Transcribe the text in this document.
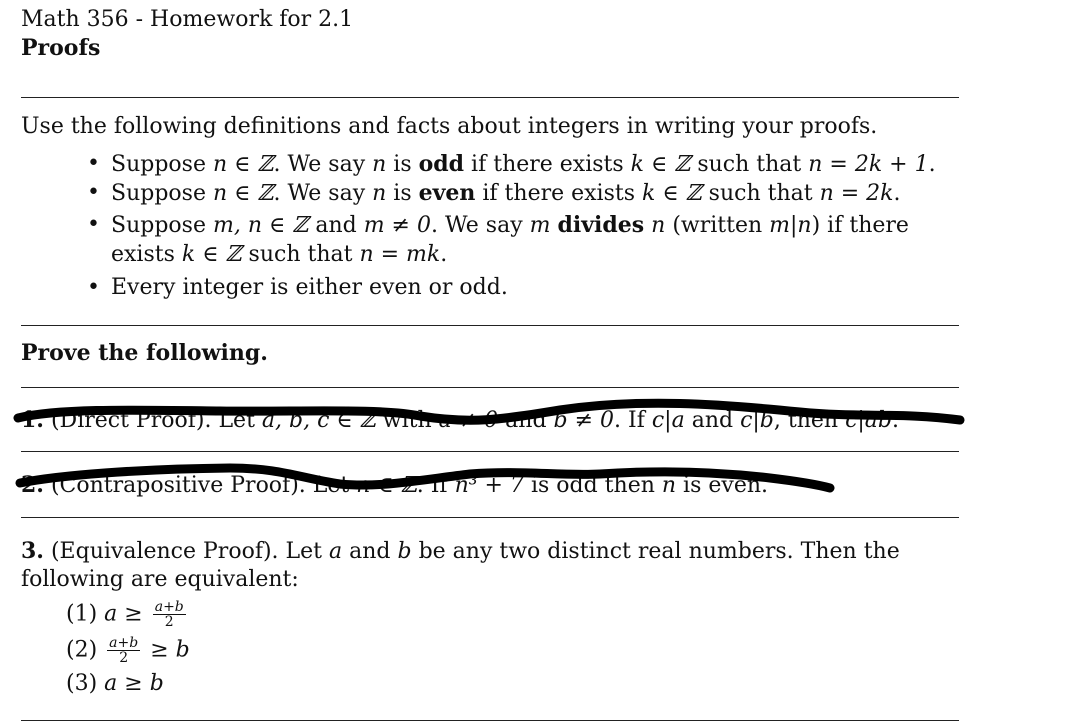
Math 356 - Homework for 2.1
Proofs
Use the following definitions and facts about integers in writing your proofs.
• Suppose n ∈ ℤ. We say n is odd if there exists k ∈ ℤ such that n = 2k + 1.
• Suppose n ∈ ℤ. We say n is even if there exists k ∈ ℤ such that n = 2k.
• Suppose m, n ∈ ℤ and m ≠ 0. We say m divides n (written m|n) if there
exists k ∈ ℤ such that n = mk.
• Every integer is either even or odd.
Prove the following.
1. (Direct Proof). Let a, b, c ∈ ℤ with a ≠ 0 and b ≠ 0. If c|a and c|b, then c|ab.
2. (Contrapositive Proof). Let n ∈ ℤ. If n³ + 7 is odd then n is even.
3. (Equivalence Proof). Let a and b be any two distinct real numbers. Then the
following are equivalent:
(1) $a \ge \frac{a+b}{2}$
$(2) \frac{a+b}{2} \ge b$
(3) a ≥ b
